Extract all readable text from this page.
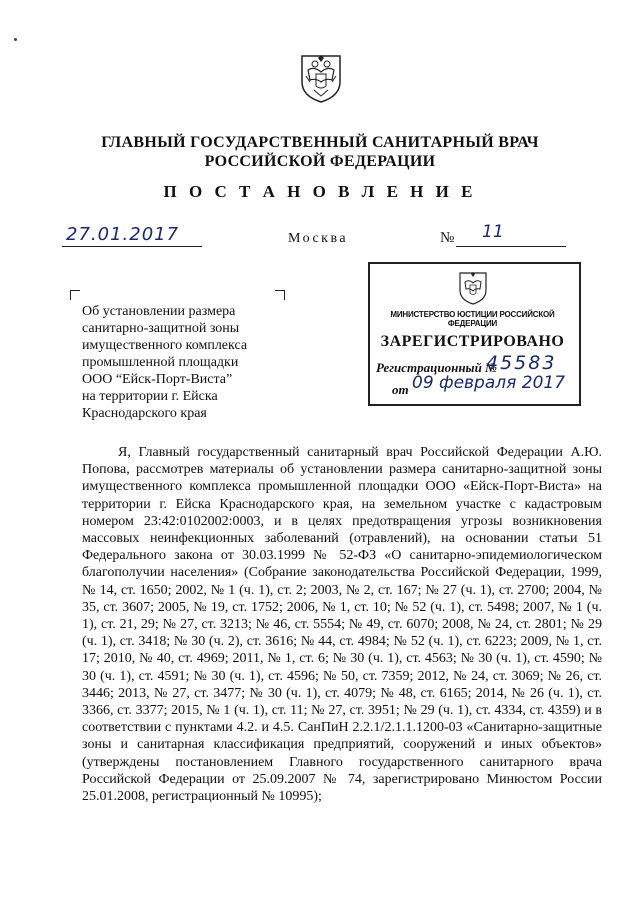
ГЛАВНЫЙ ГОСУДАРСТВЕННЫЙ САНИТАРНЫЙ ВРАЧ
РОССИЙСКОЙ ФЕДЕРАЦИИ
П О С Т А Н О В Л Е Н И Е
27.01.2017	Москва	№ 11
Об установлении размера
санитарно-защитной зоны
имущественного комплекса
промышленной площадки
ООО “Ейск-Порт-Виста”
на территории г. Ейска
Краснодарского края
МИНИСТЕРСТВО ЮСТИЦИИ РОССИЙСКОЙ ФЕДЕРАЦИИ
ЗАРЕГИСТРИРОВАНО
Регистрационный №
45583
от 09 февраля 2017
Я, Главный государственный санитарный врач Российской Федерации А.Ю. Попова, рассмотрев материалы об установлении размера санитарно-защитной зоны имущественного комплекса промышленной площадки ООО «Ейск-Порт-Виста» на территории г. Ейска Краснодарского края, на земельном участке с кадастровым номером 23:42:0102002:0003, и в целях предотвращения угрозы возникновения массовых неинфекционных заболеваний (отравлений), на основании статьи 51 Федерального закона от 30.03.1999 № 52-ФЗ «О санитарно-эпидемиологическом благополучии населения» (Собрание законодательства Российской Федерации, 1999, № 14, ст. 1650; 2002, № 1 (ч. 1), ст. 2; 2003, № 2, ст. 167; № 27 (ч. 1), ст. 2700; 2004, № 35, ст. 3607; 2005, № 19, ст. 1752; 2006, № 1, ст. 10; № 52 (ч. 1), ст. 5498; 2007, № 1 (ч. 1), ст. 21, 29; № 27, ст. 3213; № 46, ст. 5554; № 49, ст. 6070; 2008, № 24, ст. 2801; № 29 (ч. 1), ст. 3418; № 30 (ч. 2), ст. 3616; № 44, ст. 4984; № 52 (ч. 1), ст. 6223; 2009, № 1, ст. 17; 2010, № 40, ст. 4969; 2011, № 1, ст. 6; № 30 (ч. 1), ст. 4563; № 30 (ч. 1), ст. 4590; № 30 (ч. 1), ст. 4591; № 30 (ч. 1), ст. 4596; № 50, ст. 7359; 2012, № 24, ст. 3069; № 26, ст. 3446; 2013, № 27, ст. 3477; № 30 (ч. 1), ст. 4079; № 48, ст. 6165; 2014, № 26 (ч. 1), ст. 3366, ст. 3377; 2015, № 1 (ч. 1), ст. 11; № 27, ст. 3951; № 29 (ч. 1), ст. 4334, ст. 4359) и в соответствии с пунктами 4.2. и 4.5. СанПиН 2.2.1/2.1.1.1200-03 «Санитарно-защитные зоны и санитарная классификация предприятий, сооружений и иных объектов» (утверждены постановлением Главного государственного санитарного врача Российской Федерации от 25.09.2007 № 74, зарегистрировано Минюстом России 25.01.2008, регистрационный № 10995);
